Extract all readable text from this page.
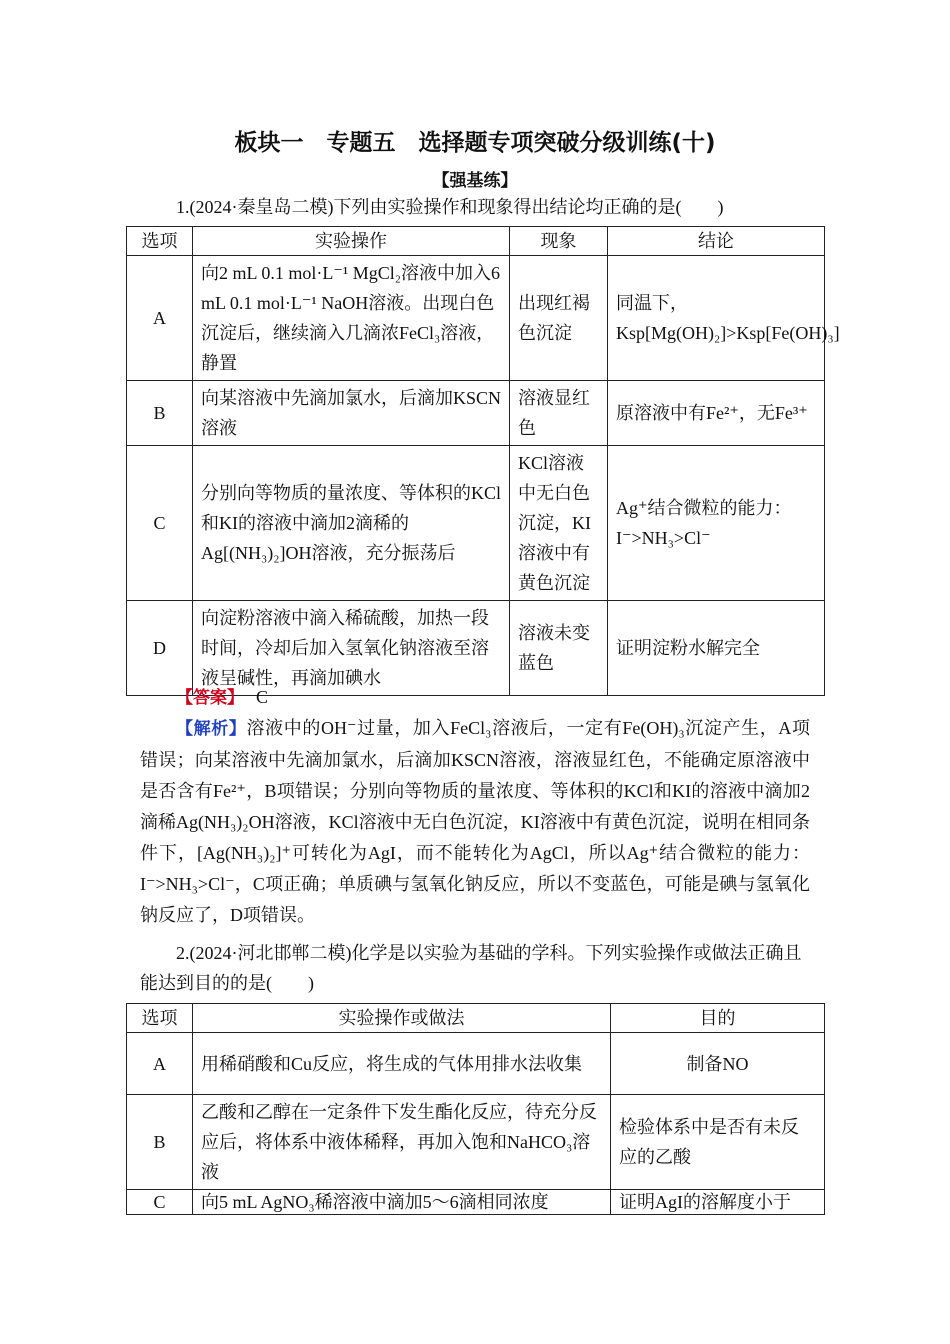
板块一　专题五　选择题专项突破分级训练(十)
【强基练】
1.(2024·秦皇岛二模)下列由实验操作和现象得出结论均正确的是(　　)
选项	实验操作	现象	结论
A	向2 mL 0.1 mol·L⁻¹ MgCl₂溶液中加入6 mL 0.1 mol·L⁻¹ NaOH溶液。出现白色沉淀后，继续滴入几滴浓FeCl₃溶液，静置	出现红褐色沉淀	同温下，Ksp[Mg(OH)₂]>Ksp[Fe(OH)₃]
B	向某溶液中先滴加氯水，后滴加KSCN溶液	溶液显红色	原溶液中有Fe²⁺，无Fe³⁺
C	分别向等物质的量浓度、等体积的KCl和KI的溶液中滴加2滴稀的Ag[(NH₃)₂]OH溶液，充分振荡后	KCl溶液中无白色沉淀，KI溶液中有黄色沉淀	Ag⁺结合微粒的能力：I⁻>NH₃>Cl⁻
D	向淀粉溶液中滴入稀硫酸，加热一段时间，冷却后加入氢氧化钠溶液至溶液呈碱性，再滴加碘水	溶液未变蓝色	证明淀粉水解完全
【答案】 C
【解析】溶液中的OH⁻过量，加入FeCl₃溶液后，一定有Fe(OH)₃沉淀产生，A项错误；向某溶液中先滴加氯水，后滴加KSCN溶液，溶液显红色，不能确定原溶液中是否含有Fe²⁺，B项错误；分别向等物质的量浓度、等体积的KCl和KI的溶液中滴加2滴稀Ag(NH₃)₂OH溶液，KCl溶液中无白色沉淀，KI溶液中有黄色沉淀，说明在相同条件下，[Ag(NH₃)₂]⁺可转化为AgI，而不能转化为AgCl，所以Ag⁺结合微粒的能力：I⁻>NH₃>Cl⁻，C项正确；单质碘与氢氧化钠反应，所以不变蓝色，可能是碘与氢氧化钠反应了，D项错误。
2.(2024·河北邯郸二模)化学是以实验为基础的学科。下列实验操作或做法正确且能达到目的的是(　　)
选项	实验操作或做法	目的
A	用稀硝酸和Cu反应，将生成的气体用排水法收集	制备NO
B	乙酸和乙醇在一定条件下发生酯化反应，待充分反应后，将体系中液体稀释，再加入饱和NaHCO₃溶液	检验体系中是否有未反应的乙酸
C	向5 mL AgNO₃稀溶液中滴加5～6滴相同浓度	证明AgI的溶解度小于
